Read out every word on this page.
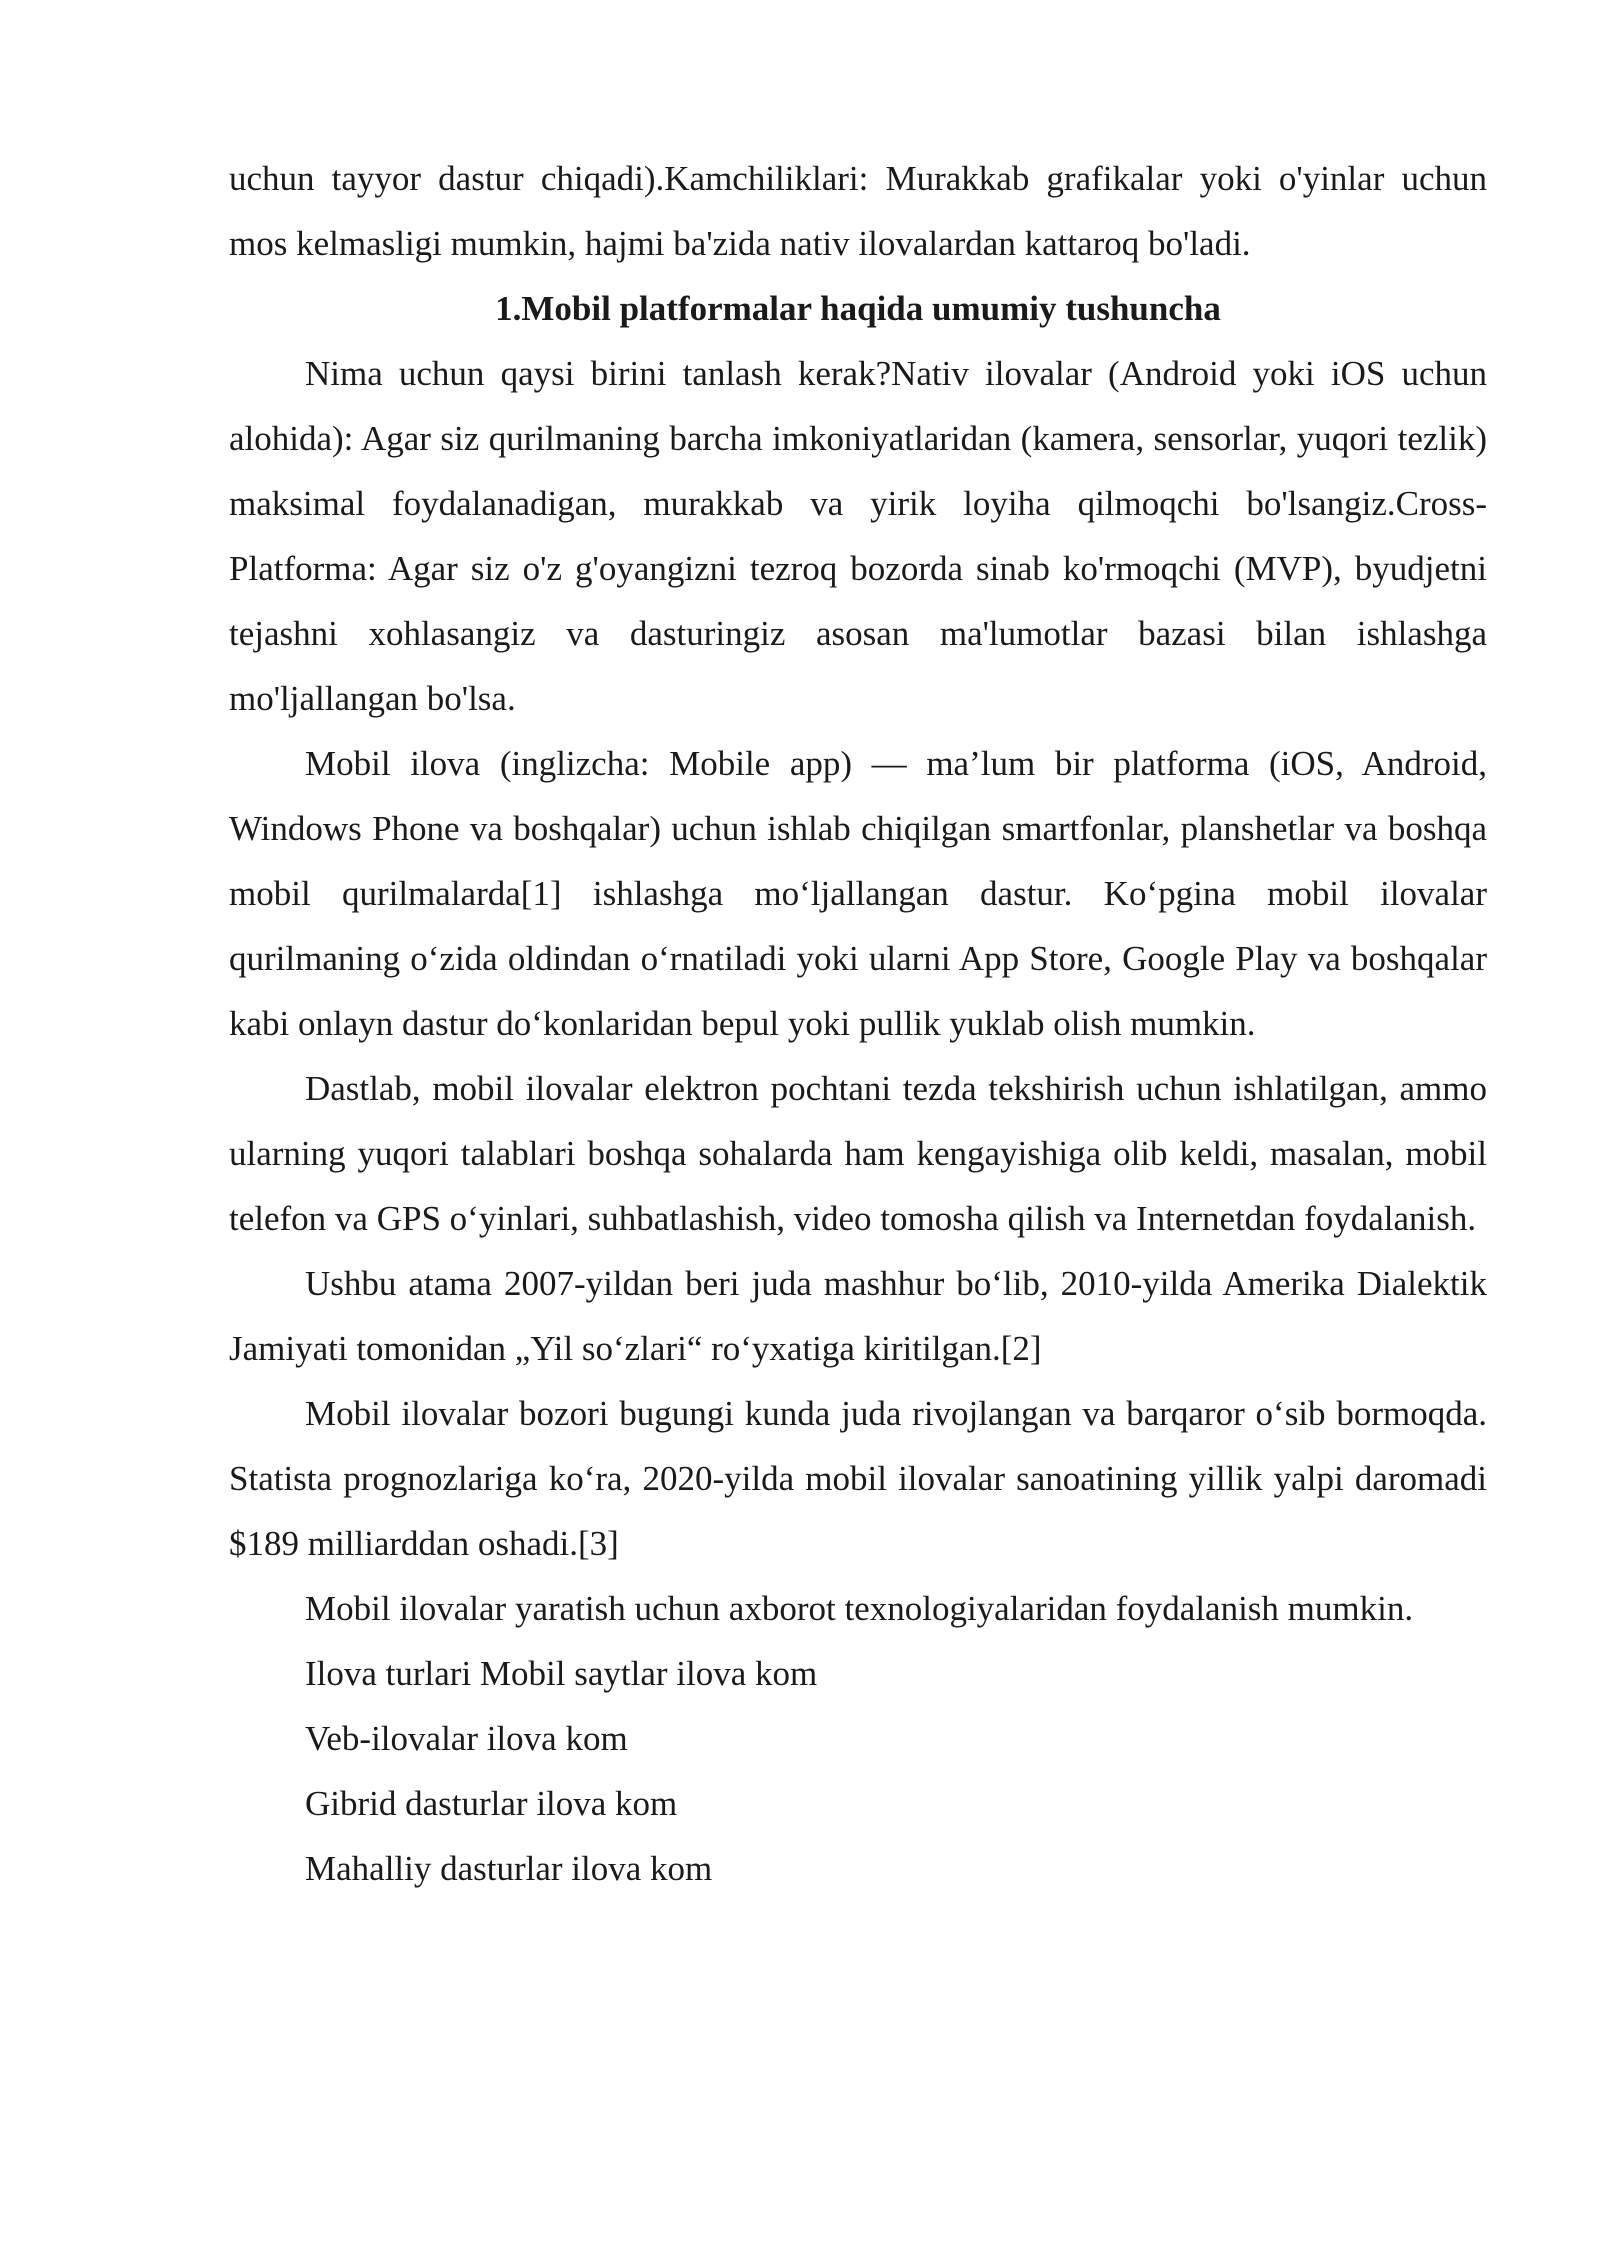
uchun tayyor dastur chiqadi).Kamchiliklari: Murakkab grafikalar yoki o'yinlar uchun mos kelmasligi mumkin, hajmi ba'zida nativ ilovalardan kattaroq bo'ladi.

1.Mobil platformalar haqida umumiy tushuncha

Nima uchun qaysi birini tanlash kerak?Nativ ilovalar (Android yoki iOS uchun alohida): Agar siz qurilmaning barcha imkoniyatlaridan (kamera, sensorlar, yuqori tezlik) maksimal foydalanadigan, murakkab va yirik loyiha qilmoqchi bo'lsangiz.Cross-Platforma: Agar siz o'z g'oyangizni tezroq bozorda sinab ko'rmoqchi (MVP), byudjetni tejashni xohlasangiz va dasturingiz asosan ma'lumotlar bazasi bilan ishlashga mo'ljallangan bo'lsa.

Mobil ilova (inglizcha: Mobile app) — ma’lum bir platforma (iOS, Android, Windows Phone va boshqalar) uchun ishlab chiqilgan smartfonlar, planshetlar va boshqa mobil qurilmalarda[1] ishlashga moʻljallangan dastur. Koʻpgina mobil ilovalar qurilmaning oʻzida oldindan oʻrnatiladi yoki ularni App Store, Google Play va boshqalar kabi onlayn dastur doʻkonlaridan bepul yoki pullik yuklab olish mumkin.

Dastlab, mobil ilovalar elektron pochtani tezda tekshirish uchun ishlatilgan, ammo ularning yuqori talablari boshqa sohalarda ham kengayishiga olib keldi, masalan, mobil telefon va GPS oʻyinlari, suhbatlashish, video tomosha qilish va Internetdan foydalanish.

Ushbu atama 2007-yildan beri juda mashhur boʻlib, 2010-yilda Amerika Dialektik Jamiyati tomonidan „Yil soʻzlari“ roʻyxatiga kiritilgan.[2]

Mobil ilovalar bozori bugungi kunda juda rivojlangan va barqaror oʻsib bormoqda. Statista prognozlariga koʻra, 2020-yilda mobil ilovalar sanoatining yillik yalpi daromadi $189 milliarddan oshadi.[3]

Mobil ilovalar yaratish uchun axborot texnologiyalaridan foydalanish mumkin.

Ilova turlari Mobil saytlar ilova kom

Veb-ilovalar ilova kom

Gibrid dasturlar ilova kom

Mahalliy dasturlar ilova kom
